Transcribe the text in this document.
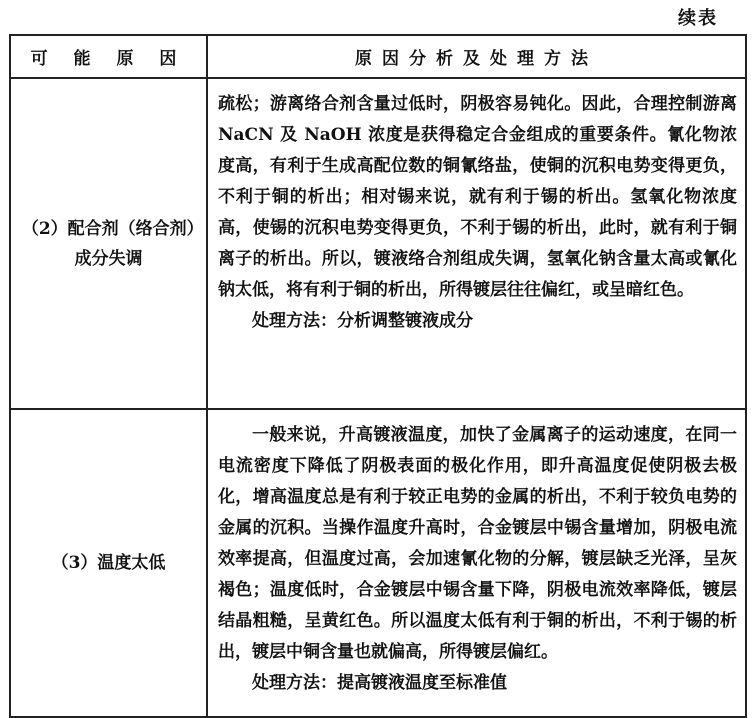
续表
可 能 原 因	原因分析及处理方法
（2）配合剂（络合剂）成分失调	疏松；游离络合剂含量过低时，阴极容易钝化。因此，合理控制游离 NaCN 及 NaOH 浓度是获得稳定合金组成的重要条件。氰化物浓度高，有利于生成高配位数的铜氰络盐，使铜的沉积电势变得更负，不利于铜的析出；相对锡来说，就有利于锡的析出。氢氧化物浓度高，使锡的沉积电势变得更负，不利于锡的析出，此时，就有利于铜离子的析出。所以，镀液络合剂组成失调，氢氧化钠含量太高或氰化钠太低，将有利于铜的析出，所得镀层往往偏红，或呈暗红色。

处理方法：分析调整镀液成分

（3）温度太低	一般来说，升高镀液温度，加快了金属离子的运动速度，在同一电流密度下降低了阴极表面的极化作用，即升高温度促使阴极去极化，增高温度总是有利于较正电势的金属的析出，不利于较负电势的金属的沉积。当操作温度升高时，合金镀层中锡含量增加，阴极电流效率提高，但温度过高，会加速氰化物的分解，镀层缺乏光泽，呈灰褐色；温度低时，合金镀层中锡含量下降，阴极电流效率降低，镀层结晶粗糙，呈黄红色。所以温度太低有利于铜的析出，不利于锡的析出，镀层中铜含量也就偏高，所得镀层偏红。

处理方法：提高镀液温度至标准值
